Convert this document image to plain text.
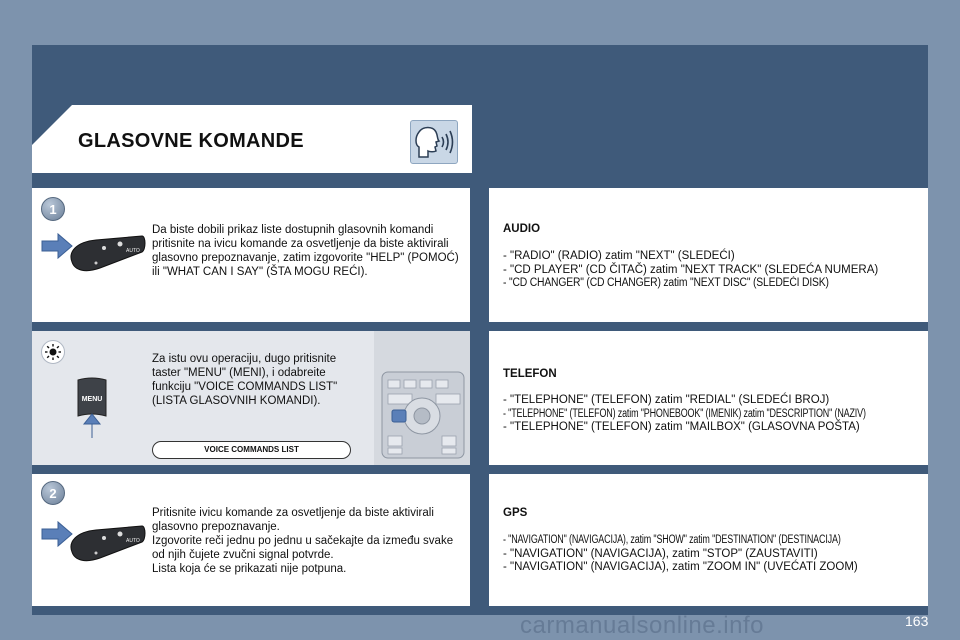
GLASOVNE KOMANDE
1
AUTO
Da biste dobili prikaz liste dostupnih glasovnih komandi pritisnite na ivicu komande za osvetljenje da biste aktivirali glasovno prepoznavanje, zatim izgovorite "HELP" (POMOĆ) ili "WHAT CAN I SAY" (ŠTA MOGU REĆI).
MENU
Za istu ovu operaciju, dugo pritisnite taster "MENU" (MENI), i odabreite funkciju "VOICE COMMANDS LIST" (LISTA GLASOVNIH KOMANDI).
VOICE COMMANDS LIST
2
AUTO
Pritisnite ivicu komande za osvetljenje da biste aktivirali glasovno prepoznavanje.
Izgovorite reči jednu po jednu u sačekajte da između svake od njih čujete zvučni signal potvrde.
Lista koja će se prikazati nije potpuna.
AUDIO
- "RADIO" (RADIO) zatim "NEXT" (SLEDEĆI)
- "CD PLAYER" (CD ČITAČ) zatim "NEXT TRACK" (SLEDEĆA NUMERA)
- "CD CHANGER" (CD CHANGER) zatim "NEXT DISC" (SLEDEĆI DISK)
TELEFON
- "TELEPHONE" (TELEFON) zatim "REDIAL" (SLEDEĆI BROJ)
- "TELEPHONE" (TELEFON) zatim "PHONEBOOK" (IMENIK) zatim "DESCRIPTION" (NAZIV)
- "TELEPHONE" (TELEFON) zatim "MAILBOX" (GLASOVNA POŠTA)
GPS
- "NAVIGATION" (NAVIGACIJA), zatim "SHOW" zatim "DESTINATION" (DESTINACIJA)
- "NAVIGATION" (NAVIGACIJA), zatim "STOP" (ZAUSTAVITI)
- "NAVIGATION" (NAVIGACIJA), zatim "ZOOM IN" (UVEĆATI ZOOM)
carmanualsonline.info	163
